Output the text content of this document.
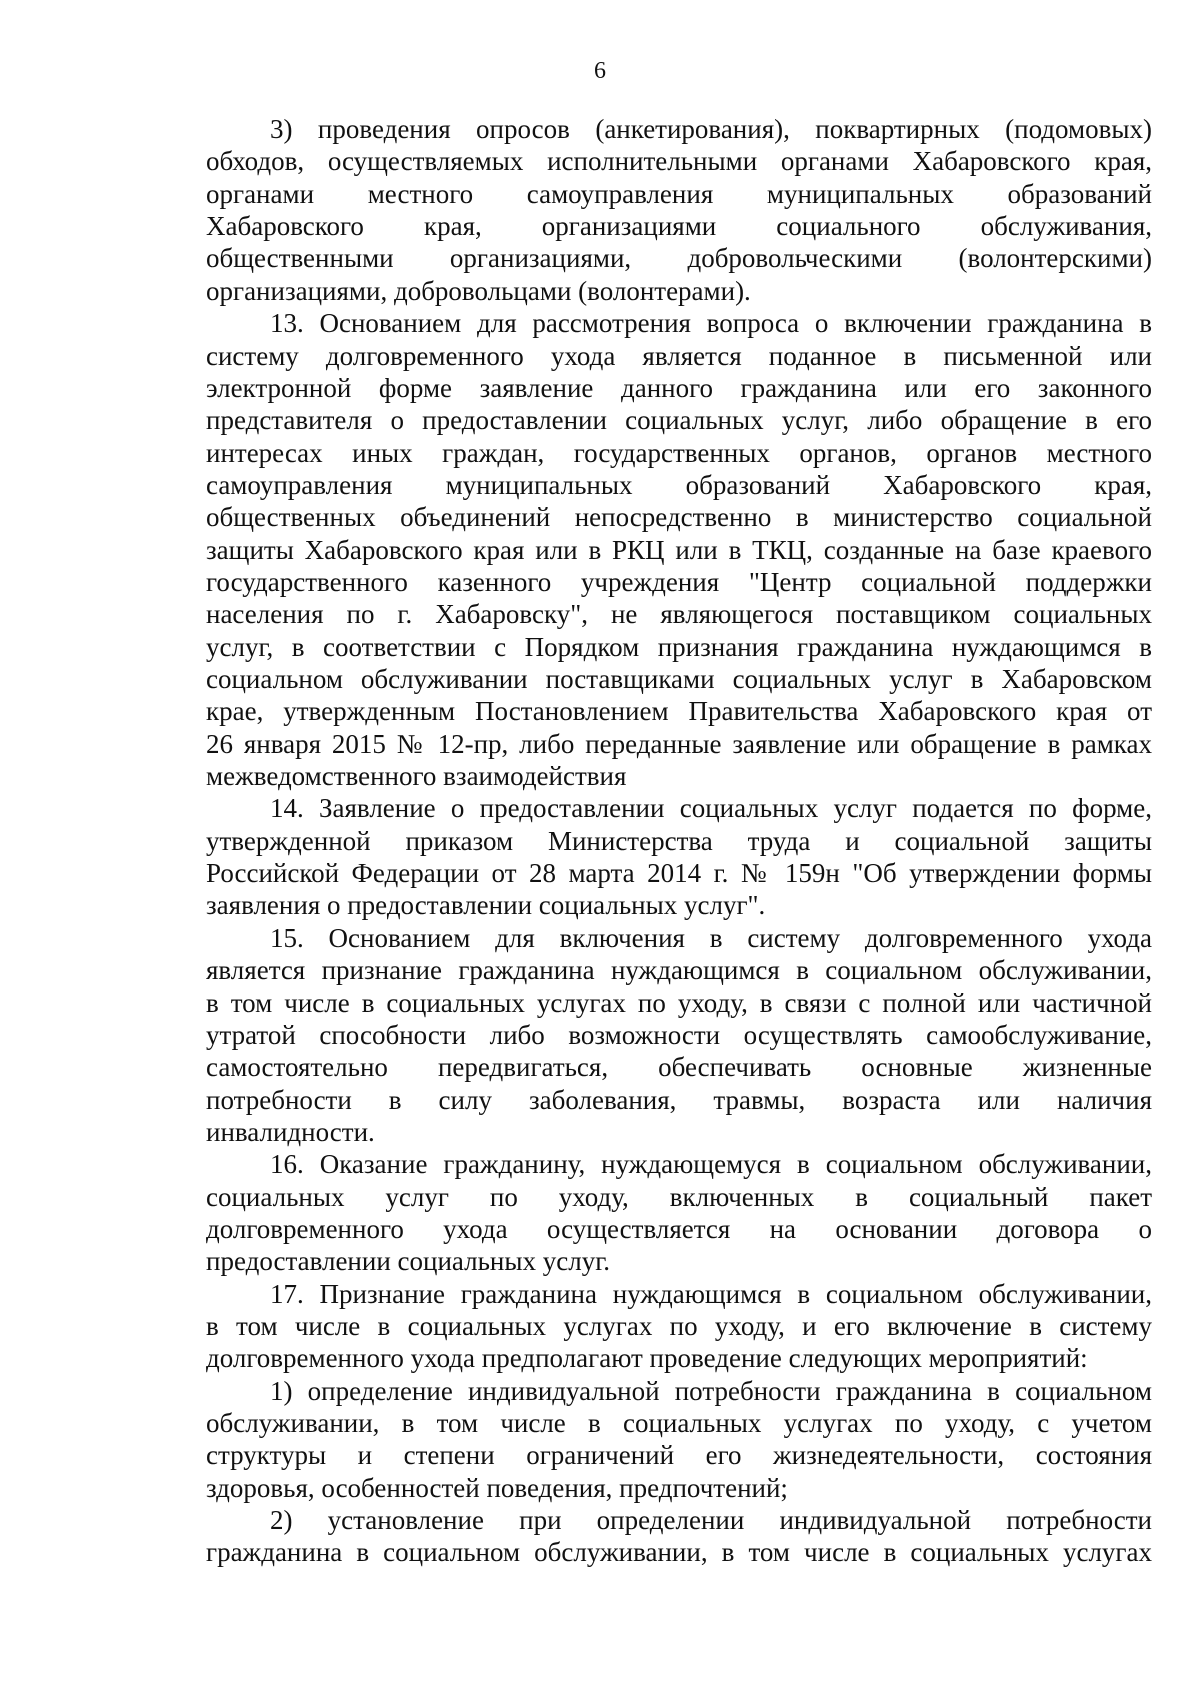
6
3) проведения опросов (анкетирования), поквартирных (подомовых)
обходов, осуществляемых исполнительными органами Хабаровского края,
органами местного самоуправления муниципальных образований
Хабаровского края, организациями социального обслуживания,
общественными организациями, добровольческими (волонтерскими)
организациями, добровольцами (волонтерами).
13. Основанием для рассмотрения вопроса о включении гражданина в
систему долговременного ухода является поданное в письменной или
электронной форме заявление данного гражданина или его законного
представителя о предоставлении социальных услуг, либо обращение в его
интересах иных граждан, государственных органов, органов местного
самоуправления муниципальных образований Хабаровского края,
общественных объединений непосредственно в министерство социальной
защиты Хабаровского края или в РКЦ или в ТКЦ, созданные на базе краевого
государственного казенного учреждения "Центр социальной поддержки
населения по г. Хабаровску", не являющегося поставщиком социальных
услуг, в соответствии с Порядком признания гражданина нуждающимся в
социальном обслуживании поставщиками социальных услуг в Хабаровском
крае, утвержденным Постановлением Правительства Хабаровского края от
26 января 2015 № 12-пр, либо переданные заявление или обращение в рамках
межведомственного взаимодействия
14. Заявление о предоставлении социальных услуг подается по форме,
утвержденной приказом Министерства труда и социальной защиты
Российской Федерации от 28 марта 2014 г. № 159н "Об утверждении формы
заявления о предоставлении социальных услуг".
15. Основанием для включения в систему долговременного ухода
является признание гражданина нуждающимся в социальном обслуживании,
в том числе в социальных услугах по уходу, в связи с полной или частичной
утратой способности либо возможности осуществлять самообслуживание,
самостоятельно передвигаться, обеспечивать основные жизненные
потребности в силу заболевания, травмы, возраста или наличия
инвалидности.
16. Оказание гражданину, нуждающемуся в социальном обслуживании,
социальных услуг по уходу, включенных в социальный пакет
долговременного ухода осуществляется на основании договора о
предоставлении социальных услуг.
17. Признание гражданина нуждающимся в социальном обслуживании,
в том числе в социальных услугах по уходу, и его включение в систему
долговременного ухода предполагают проведение следующих мероприятий:
1) определение индивидуальной потребности гражданина в социальном
обслуживании, в том числе в социальных услугах по уходу, с учетом
структуры и степени ограничений его жизнедеятельности, состояния
здоровья, особенностей поведения, предпочтений;
2) установление при определении индивидуальной потребности
гражданина в социальном обслуживании, в том числе в социальных услугах
